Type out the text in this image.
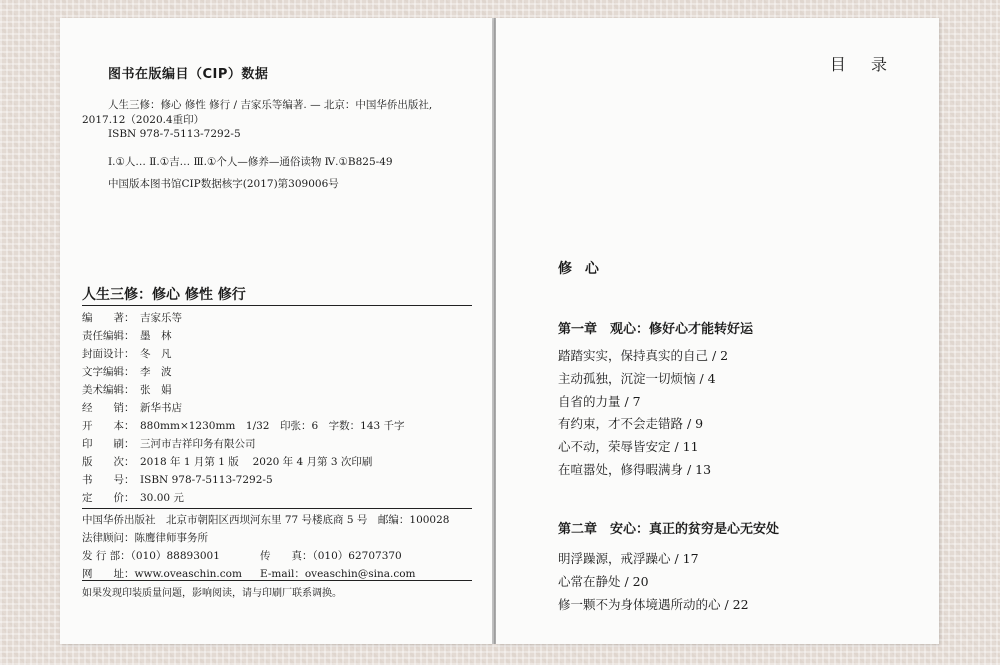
图书在版编目（CIP）数据
人生三修：修心 修性 修行 / 吉家乐等编著. — 北京：中国华侨出版社,
2017.12（2020.4重印）
ISBN 978-7-5113-7292-5
Ⅰ.①人… Ⅱ.①吉… Ⅲ.①个人—修养—通俗读物 Ⅳ.①B825-49
中国版本图书馆CIP数据核字(2017)第309006号
人生三修：修心 修性 修行
编　　著： 吉家乐等
责任编辑： 墨　林
封面设计： 冬　凡
文字编辑： 李　波
美术编辑： 张　娟
经　　销： 新华书店
开　　本： 880mm×1230mm　1/32　印张：6　字数：143 千字
印　　刷： 三河市吉祥印务有限公司
版　　次： 2018 年 1 月第 1 版　 2020 年 4 月第 3 次印刷
书　　号： ISBN 978-7-5113-7292-5
定　　价： 30.00 元
中国华侨出版社　北京市朝阳区西坝河东里 77 号楼底商 5 号　邮编：100028
法律顾问：陈鹰律师事务所
发 行 部：（010）88893001	传　　真：（010）62707370
网　　址：www.oveaschin.com E-mail：oveaschin@sina.com
如果发现印装质量问题，影响阅读，请与印刷厂联系调换。
目 录
修 心
第一章　观心：修好心才能转好运
踏踏实实，保持真实的自己 / 2
主动孤独，沉淀一切烦恼 / 4
自省的力量 / 7
有约束，才不会走错路 / 9
心不动，荣辱皆安定 / 11
在喧嚣处，修得暇满身 / 13
第二章　安心：真正的贫穷是心无安处
明浮躁源，戒浮躁心 / 17
心常在静处 / 20
修一颗不为身体境遇所动的心 / 22
